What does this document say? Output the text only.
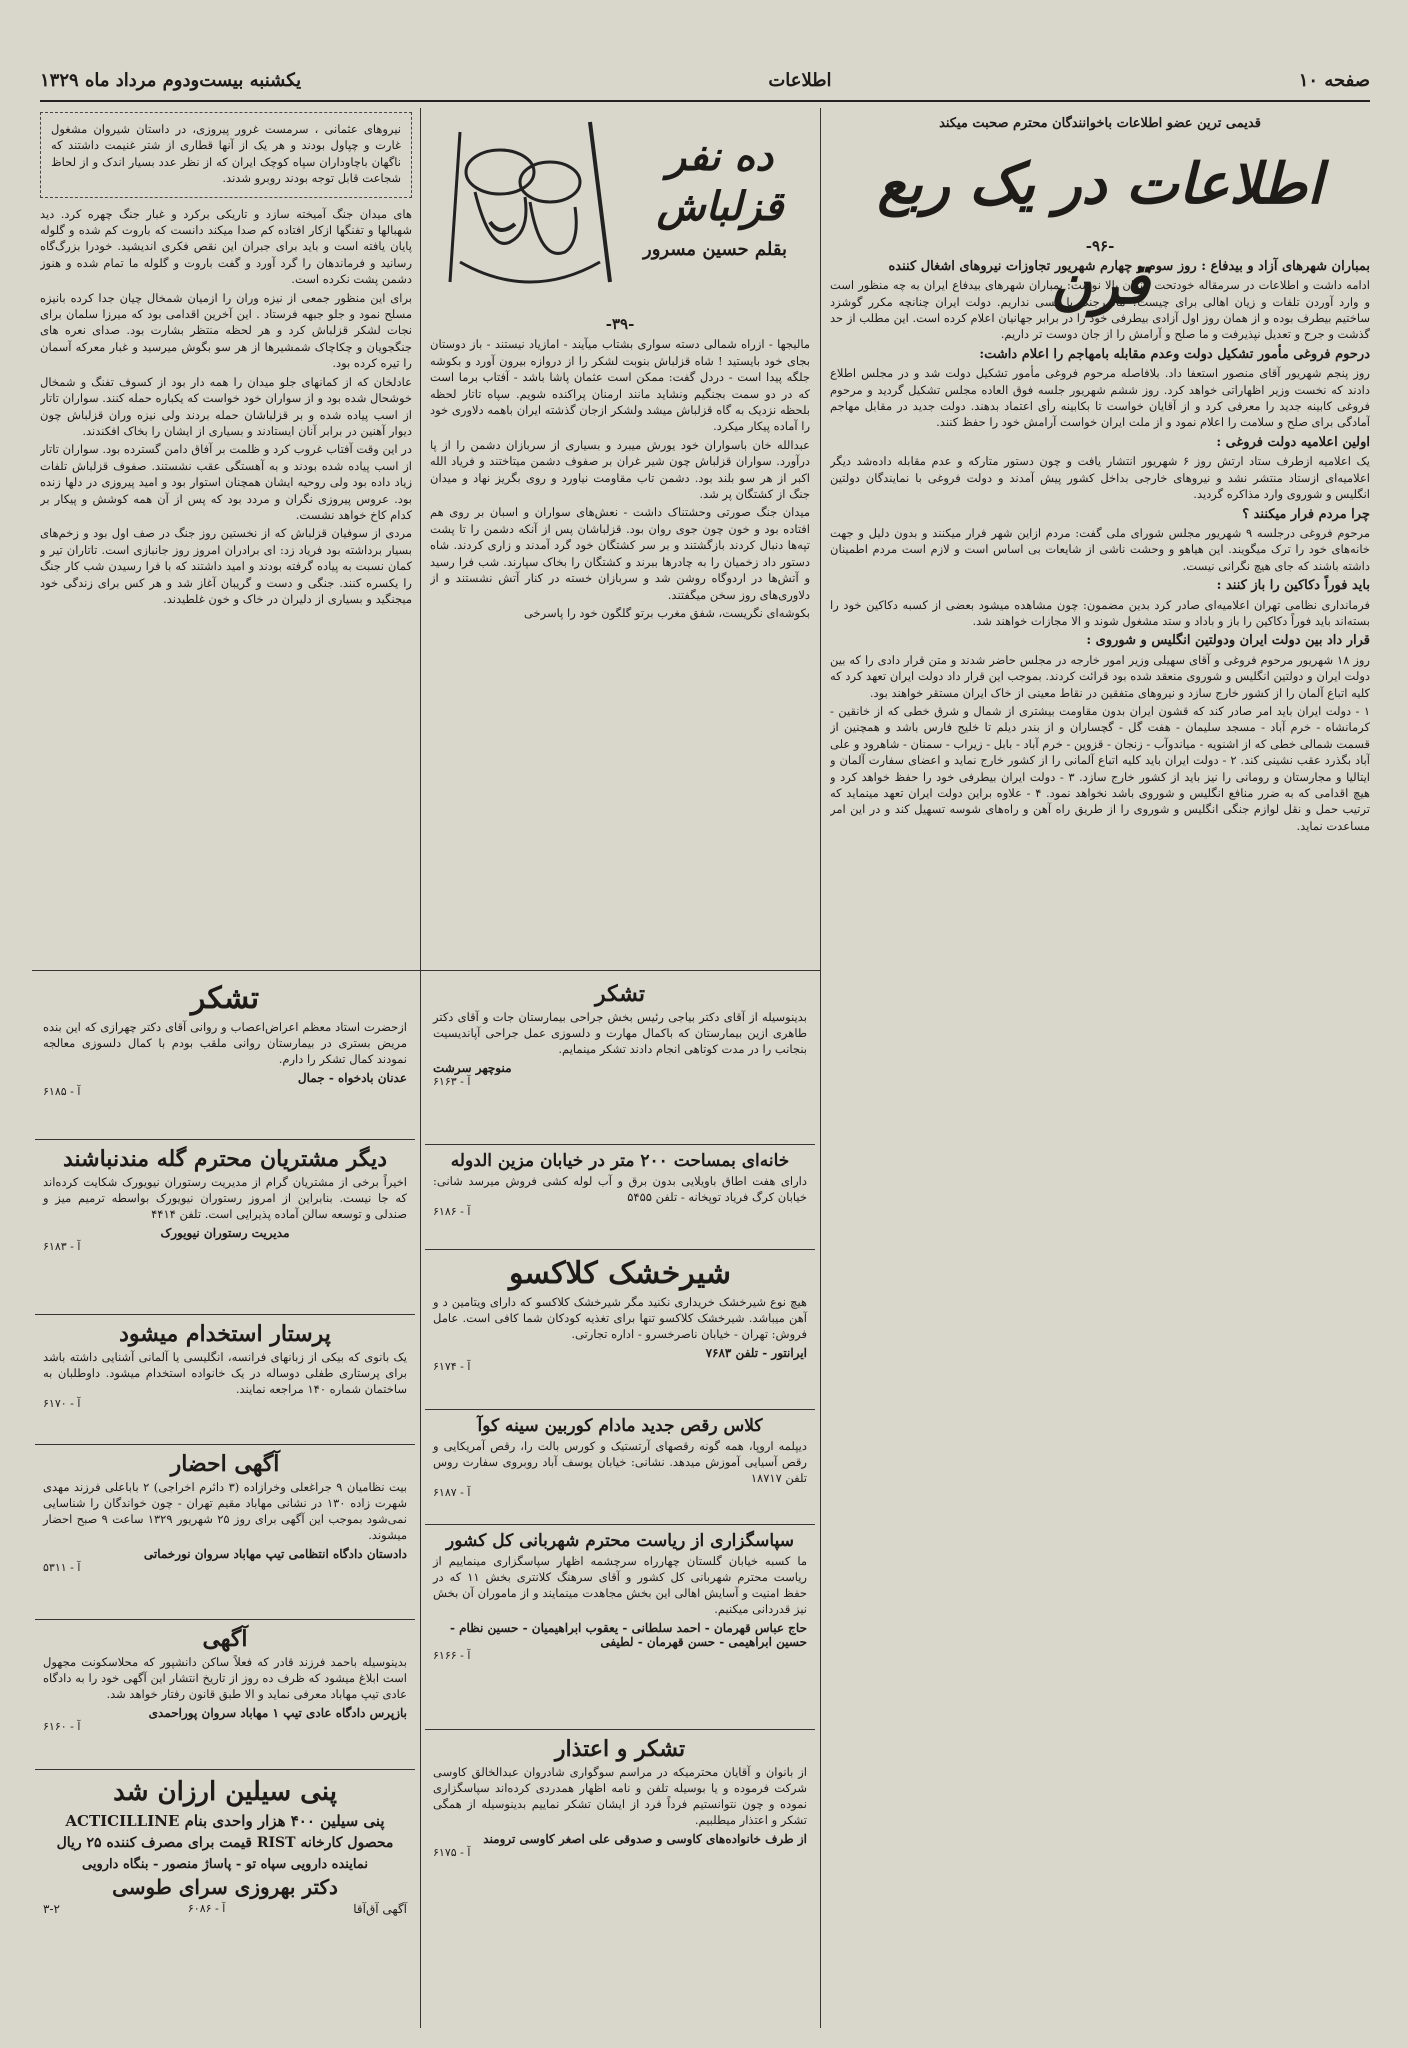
صفحه ۱۰
اطلاعات
یکشنبه بیست‌ودوم مرداد ماه ۱۳۲۹
قدیمی ترین عضو اطلاعات باخوانندگان محترم صحبت میکند
اطلاعات در یک ربع قرن
-۹۶-
بمباران شهرهای آزاد و بیدفاع : روز سوم و چهارم شهریور تجاوزات نیروهای اشغال کننده

ادامه داشت و اطلاعات در سرمقاله خودتحت عنوان بالا نوشت: بمباران شهرهای بیدفاع ایران به چه منظور است و وارد آوردن تلفات و زیان اهالی برای چیست؟ ماسرجنگ با کسی نداریم. دولت ایران چنانچه مکرر گوشزد ساختیم بیطرف بوده و از همان روز اول آزادی بیطرفی خود را در برابر جهانیان اعلام کرده است. این مطلب از حد گذشت و جرح و تعدیل نپذیرفت و ما صلح و آرامش را از جان دوست تر داریم.

درحوم فروغی مأمور تشکیل دولت وعدم مقابله بامهاجم را اعلام داشت:

روز پنجم شهریور آقای منصور استعفا داد. بلافاصله مرحوم فروغی مأمور تشکیل دولت شد و در مجلس اطلاع دادند که نخست وزیر اظهاراتی خواهد کرد. روز ششم شهریور جلسه فوق العاده مجلس تشکیل گردید و مرحوم فروغی کابینه جدید را معرفی کرد و از آقایان خواست تا بکابینه رأی اعتماد بدهند. دولت جدید در مقابل مهاجم آمادگی برای صلح و سلامت را اعلام نمود و از ملت ایران خواست آرامش خود را حفظ کنند.

اولین اعلامیه دولت فروغی :

یک اعلامیه ازطرف ستاد ارتش روز ۶ شهریور انتشار یافت و چون دستور متارکه و عدم مقابله داده‌شد دیگر اعلامیه‌ای ازستاد منتشر نشد و نیروهای خارجی بداخل کشور پیش آمدند و دولت فروغی با نمایندگان دولتین انگلیس و شوروی وارد مذاکره گردید.

چرا مردم فرار میکنند ؟

مرحوم فروغی درجلسه ۹ شهریور مجلس شورای ملی گفت: مردم ازاین شهر فرار میکنند و بدون دلیل و جهت خانه‌های خود را ترک میگویند. این هیاهو و وحشت ناشی از شایعات بی اساس است و لازم است مردم اطمینان داشته باشند که جای هیچ نگرانی نیست.

باید فوراً دکاکین را باز کنند :

فرمانداری نظامی تهران اعلامیه‌ای صادر کرد بدین مضمون: چون مشاهده میشود بعضی از کسبه دکاکین خود را بسته‌اند باید فوراً دکاکین را باز و باداد و ستد مشغول شوند و الا مجازات خواهند شد.

قرار داد بین دولت ایران ودولتین انگلیس و شوروی :

روز ۱۸ شهریور مرحوم فروغی و آقای سهیلی وزیر امور خارجه در مجلس حاضر شدند و متن قرار دادی را که بین دولت ایران و دولتین انگلیس و شوروی منعقد شده بود قرائت کردند. بموجب این قرار داد دولت ایران تعهد کرد که کلیه اتباع آلمان را از کشور خارج سازد و نیروهای متفقین در نقاط معینی از خاک ایران مستقر خواهند بود.

۱ - دولت ایران باید امر صادر کند که قشون ایران بدون مقاومت بیشتری از شمال و شرق خطی که از خانقین - کرمانشاه - خرم آباد - مسجد سلیمان - هفت گل - گچساران و از بندر دیلم تا خلیج فارس باشد و همچنین از قسمت شمالی خطی که از اشنویه - میاندوآب - زنجان - قزوین - خرم آباد - بابل - زیراب - سمنان - شاهرود و علی آباد بگذرد عقب نشینی کند. ۲ - دولت ایران باید کلیه اتباع آلمانی را از کشور خارج نماید و اعضای سفارت آلمان و ایتالیا و مجارستان و رومانی را نیز باید از کشور خارج سازد. ۳ - دولت ایران بیطرفی خود را حفظ خواهد کرد و هیچ اقدامی که به ضرر منافع انگلیس و شوروی باشد نخواهد نمود. ۴ - علاوه براین دولت ایران تعهد مینماید که ترتیب حمل و نقل لوازم جنگی انگلیس و شوروی را از طریق راه آهن و راه‌های شوسه تسهیل کند و در این امر مساعدت نماید.

ده نفر قزلباش
بقلم حسین مسرور
-۳۹-

مالیجها - ازراه شمالی دسته سواری بشتاب میآیند - امازیاد نیستند - باز دوستان بجای خود بایستید ! شاه قزلباش بنوبت لشکر را از دروازه بیرون آورد و بکوشه جلگه پیدا است - دردل گفت: ممکن است عثمان پاشا باشد - آفتاب برما است که در دو سمت بجنگیم ونشاید مانند ارمنان پراکنده شویم. سپاه تاتار لحظه بلحظه نزدیک به گاه قزلباش میشد ولشکر ازجان گذشته ایران باهمه دلاوری خود را آماده پیکار میکرد.

عبدالله خان باسواران خود یورش میبرد و بسیاری از سربازان دشمن را از پا درآورد. سواران قزلباش چون شیر غران بر صفوف دشمن میتاختند و فریاد الله اکبر از هر سو بلند بود. دشمن تاب مقاومت نیاورد و روی بگریز نهاد و میدان جنگ از کشتگان پر شد.

میدان جنگ صورتی وحشتناک داشت - نعش‌های سواران و اسبان بر روی هم افتاده بود و خون چون جوی روان بود. قزلباشان پس از آنکه دشمن را تا پشت تپه‌ها دنبال کردند بازگشتند و بر سر کشتگان خود گرد آمدند و زاری کردند. شاه دستور داد زخمیان را به چادرها ببرند و کشتگان را بخاک سپارند. شب فرا رسید و آتش‌ها در اردوگاه روشن شد و سربازان خسته در کنار آتش نشستند و از دلاوری‌های روز سخن میگفتند.

بکوشه‌ای نگریست، شفق مغرب برتو گلگون خود را پاسرخی

نیروهای عثمانی ، سرمست غرور پیروزی، در داستان شیروان مشغول غارت و چپاول بودند و هر یک از آنها قطاری از شتر غنیمت داشتند که ناگهان باچاوداران سپاه کوچک ایران که از نظر عدد بسیار اندک و از لحاظ شجاعت قابل توجه بودند روبرو شدند.

های میدان جنگ آمیخته سازد و تاریکی برکرد و غبار جنگ چهره کرد. دید شهبالها و تفنگها ازکار افتاده کم صدا میکند دانست که باروت کم شده و گلوله پایان یافته است و باید برای جبران این نقص فکری اندیشید. خودرا بزرگ‌گاه رسانید و فرماندهان را گرد آورد و گفت باروت و گلوله ما تمام شده و هنوز دشمن پشت نکرده است.

برای این منظور جمعی از نیزه وران را ازمیان شمخال چیان جدا کرده بانیزه مسلح نمود و جلو جبهه فرستاد . این آخرین اقدامی بود که میرزا سلمان برای نجات لشکر قزلباش کرد و هر لحظه منتظر بشارت بود. صدای نعره های جنگجویان و چکاچاک شمشیرها از هر سو بگوش میرسید و غبار معرکه آسمان را تیره کرده بود.

عادلخان که از کمانهای جلو میدان را همه دار بود از کسوف تفنگ و شمخال خوشحال شده بود و از سواران خود خواست که یکباره حمله کنند. سواران تاتار از اسب پیاده شده و بر قزلباشان حمله بردند ولی نیزه وران قزلباش چون دیوار آهنین در برابر آنان ایستادند و بسیاری از ایشان را بخاک افکندند.

در این وقت آفتاب غروب کرد و ظلمت بر آفاق دامن گسترده بود. سواران تاتار از اسب پیاده شده بودند و به آهستگی عقب نشستند. صفوف قزلباش تلفات زیاد داده بود ولی روحیه ایشان همچنان استوار بود و امید پیروزی در دلها زنده بود. عروس پیروزی نگران و مردد بود که پس از آن همه کوشش و پیکار بر کدام کاخ خواهد نشست.

مردی از سوفیان قزلباش که از نخستین روز جنگ در صف اول بود و زخم‌های بسیار برداشته بود فریاد زد: ای برادران امروز روز جانبازی است. تاتاران تیر و کمان نسبت به پیاده گرفته بودند و امید داشتند که با فرا رسیدن شب کار جنگ را یکسره کنند. جنگی و دست و گریبان آغاز شد و هر کس برای زندگی خود میجنگید و بسیاری از دلیران در خاک و خون غلطیدند.

تشکر
بدینوسیله از آقای دکتر بیاجی رئیس بخش جراحی بیمارستان جات و آقای دکتر طاهری ازین بیمارستان که باکمال مهارت و دلسوزی عمل جراحی آپاندیسیت بنجانب را در مدت کوتاهی انجام دادند تشکر مینمایم.
منوچهر سرشت
آ - ۶۱۶۳
خانه‌ای بمساحت ۲۰۰ متر در خیابان مزین الدوله
دارای هفت اطاق باویلایی بدون برق و آب لوله کشی فروش میرسد شانی: خیابان کرگ فریاد توپخانه - تلفن ۵۴۵۵
آ - ۶۱۸۶
شیرخشک کلاکسو
هیچ نوع شیرخشک خریداری نکنید مگر شیرخشک کلاکسو که دارای ویتامین د و آهن میباشد. شیرخشک کلاکسو تنها برای تغذیه کودکان شما کافی است. عامل فروش: تهران - خیابان ناصرخسرو - اداره تجارتی.
ایرانتور - تلفن ۷۶۸۳
آ - ۶۱۷۴
کلاس رقص جدید مادام کوربین سینه کوآ
دیپلمه اروپا، همه گونه رقصهای آرتستیک و کورس بالت را، رقص آمریکایی و رقص آسیایی آموزش میدهد. نشانی: خیابان یوسف آباد روبروی سفارت روس تلفن ۱۸۷۱۷
آ - ۶۱۸۷
سپاسگزاری از ریاست محترم شهربانی کل کشور
ما کسبه خیابان گلستان چهارراه سرچشمه اظهار سپاسگزاری مینماییم از ریاست محترم شهربانی کل کشور و آقای سرهنگ کلانتری بخش ۱۱ که در حفظ امنیت و آسایش اهالی این بخش مجاهدت مینمایند و از ماموران آن بخش نیز قدردانی میکنیم.
حاج عباس قهرمان - احمد سلطانی - یعقوب ابراهیمیان - حسین نظام - حسین ابراهیمی - حسن قهرمان - لطیفی
آ - ۶۱۶۶
تشکر و اعتذار
از بانوان و آقایان محترمیکه در مراسم سوگواری شادروان عبدالخالق کاوسی شرکت فرموده و یا بوسیله تلفن و نامه اظهار همدردی کرده‌اند سپاسگزاری نموده و چون نتوانستیم فرداً فرد از ایشان تشکر نماییم بدینوسیله از همگی تشکر و اعتذار میطلبیم.
از طرف خانواده‌های کاوسی و صدوقی علی اصغر کاوسی ترومند
آ - ۶۱۷۵
تشکر
ازحضرت استاد معظم اعراض‌اعصاب و روانی آقای دکتر چهرازی که این بنده مریض بستری در بیمارستان روانی ملقب بودم با کمال دلسوزی معالجه نمودند کمال تشکر را دارم.
عدنان بادخواه - جمال
آ - ۶۱۸۵
دیگر مشتریان محترم گله مندنباشند
اخیراً برخی از مشتریان گرام از مدیریت رستوران نیویورک شکایت کرده‌اند که جا نیست. بنابراین از امروز رستوران نیویورک بواسطه ترمیم میز و صندلی و توسعه سالن آماده پذیرایی است. تلفن ۴۴۱۴
مدیریت رستوران نیویورک
آ - ۶۱۸۳
پرستار استخدام میشود
یک بانوی که بیکی از زبانهای فرانسه، انگلیسی یا آلمانی آشنایی داشته باشد برای پرستاری طفلی دوساله در یک خانواده استخدام میشود. داوطلبان به ساختمان شماره ۱۴۰ مراجعه نمایند.
آ - ۶۱۷۰
آگهی احضار
بیت نظامیان ۹ جراغعلی وخرازاده (۳ دائرم اخراجی) ۲ باباعلی فرزند مهدی شهرت زاده ۱۳۰ در نشانی مهاباد مقیم تهران - چون خواندگان را شناسایی نمی‌شود بموجب این آگهی برای روز ۲۵ شهریور ۱۳۲۹ ساعت ۹ صبح احضار میشوند.
دادستان دادگاه انتظامی تیپ مهاباد سروان نورخماتی
آ - ۵۳۱۱
آگهی
بدینوسیله باحمد فرزند قادر که فعلاً ساکن دانشپور که محلاسکونت مجهول است ابلاغ میشود که ظرف ده روز از تاریخ انتشار این آگهی خود را به دادگاه عادی تیپ مهاباد معرفی نماید و الا طبق قانون رفتار خواهد شد.
بازپرس دادگاه عادی تیپ ۱ مهاباد سروان پوراحمدی
آ - ۶۱۶۰
پنی سیلین ارزان شد
پنی سیلین ۴۰۰ هزار واحدی بنام ACTICILLINE
محصول کارخانه RIST قیمت برای مصرف کننده ۲۵ ریال
نماینده دارویی سپاه تو - پاساژ منصور - بنگاه دارویی
دکتر بهروزی سرای طوسی
آگهی آق‌آقا
آ - ۶۰۸۶
۳-۲
